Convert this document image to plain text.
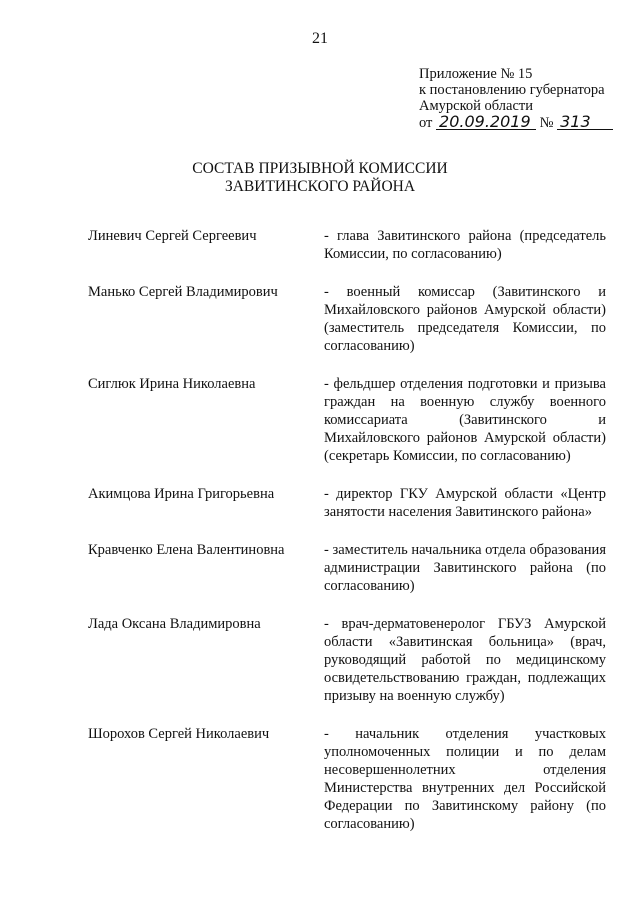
21
Приложение № 15
к постановлению губернатора
Амурской области
от 20.09.2019 № 313
СОСТАВ ПРИЗЫВНОЙ КОМИССИИ
ЗАВИТИНСКОГО РАЙОНА
Линевич Сергей Сергеевич	- глава Завитинского района (председатель Комиссии, по согласованию)
Манько Сергей Владимирович	- военный комиссар (Завитинского и Михайловского районов Амурской области) (заместитель председателя Комиссии, по согласованию)
Сиглюк Ирина Николаевна	- фельдшер отделения подготовки и призыва граждан на военную службу военного комиссариата (Завитинского и Михайловского районов Амурской области) (секретарь Комиссии, по согласованию)
Акимцова Ирина Григорьевна	- директор ГКУ Амурской области «Центр занятости населения Завитинского района»
Кравченко Елена Валентиновна	- заместитель начальника отдела образования администрации Завитинского района (по согласованию)
Лада Оксана Владимировна	- врач-дерматовенеролог ГБУЗ Амурской области «Завитинская больница» (врач, руководящий работой по медицинскому освидетельствованию граждан, подлежащих призыву на военную службу)
Шорохов Сергей Николаевич	- начальник отделения участковых уполномоченных полиции и по делам несовершеннолетних отделения Министерства внутренних дел Российской Федерации по Завитинскому району (по согласованию)
